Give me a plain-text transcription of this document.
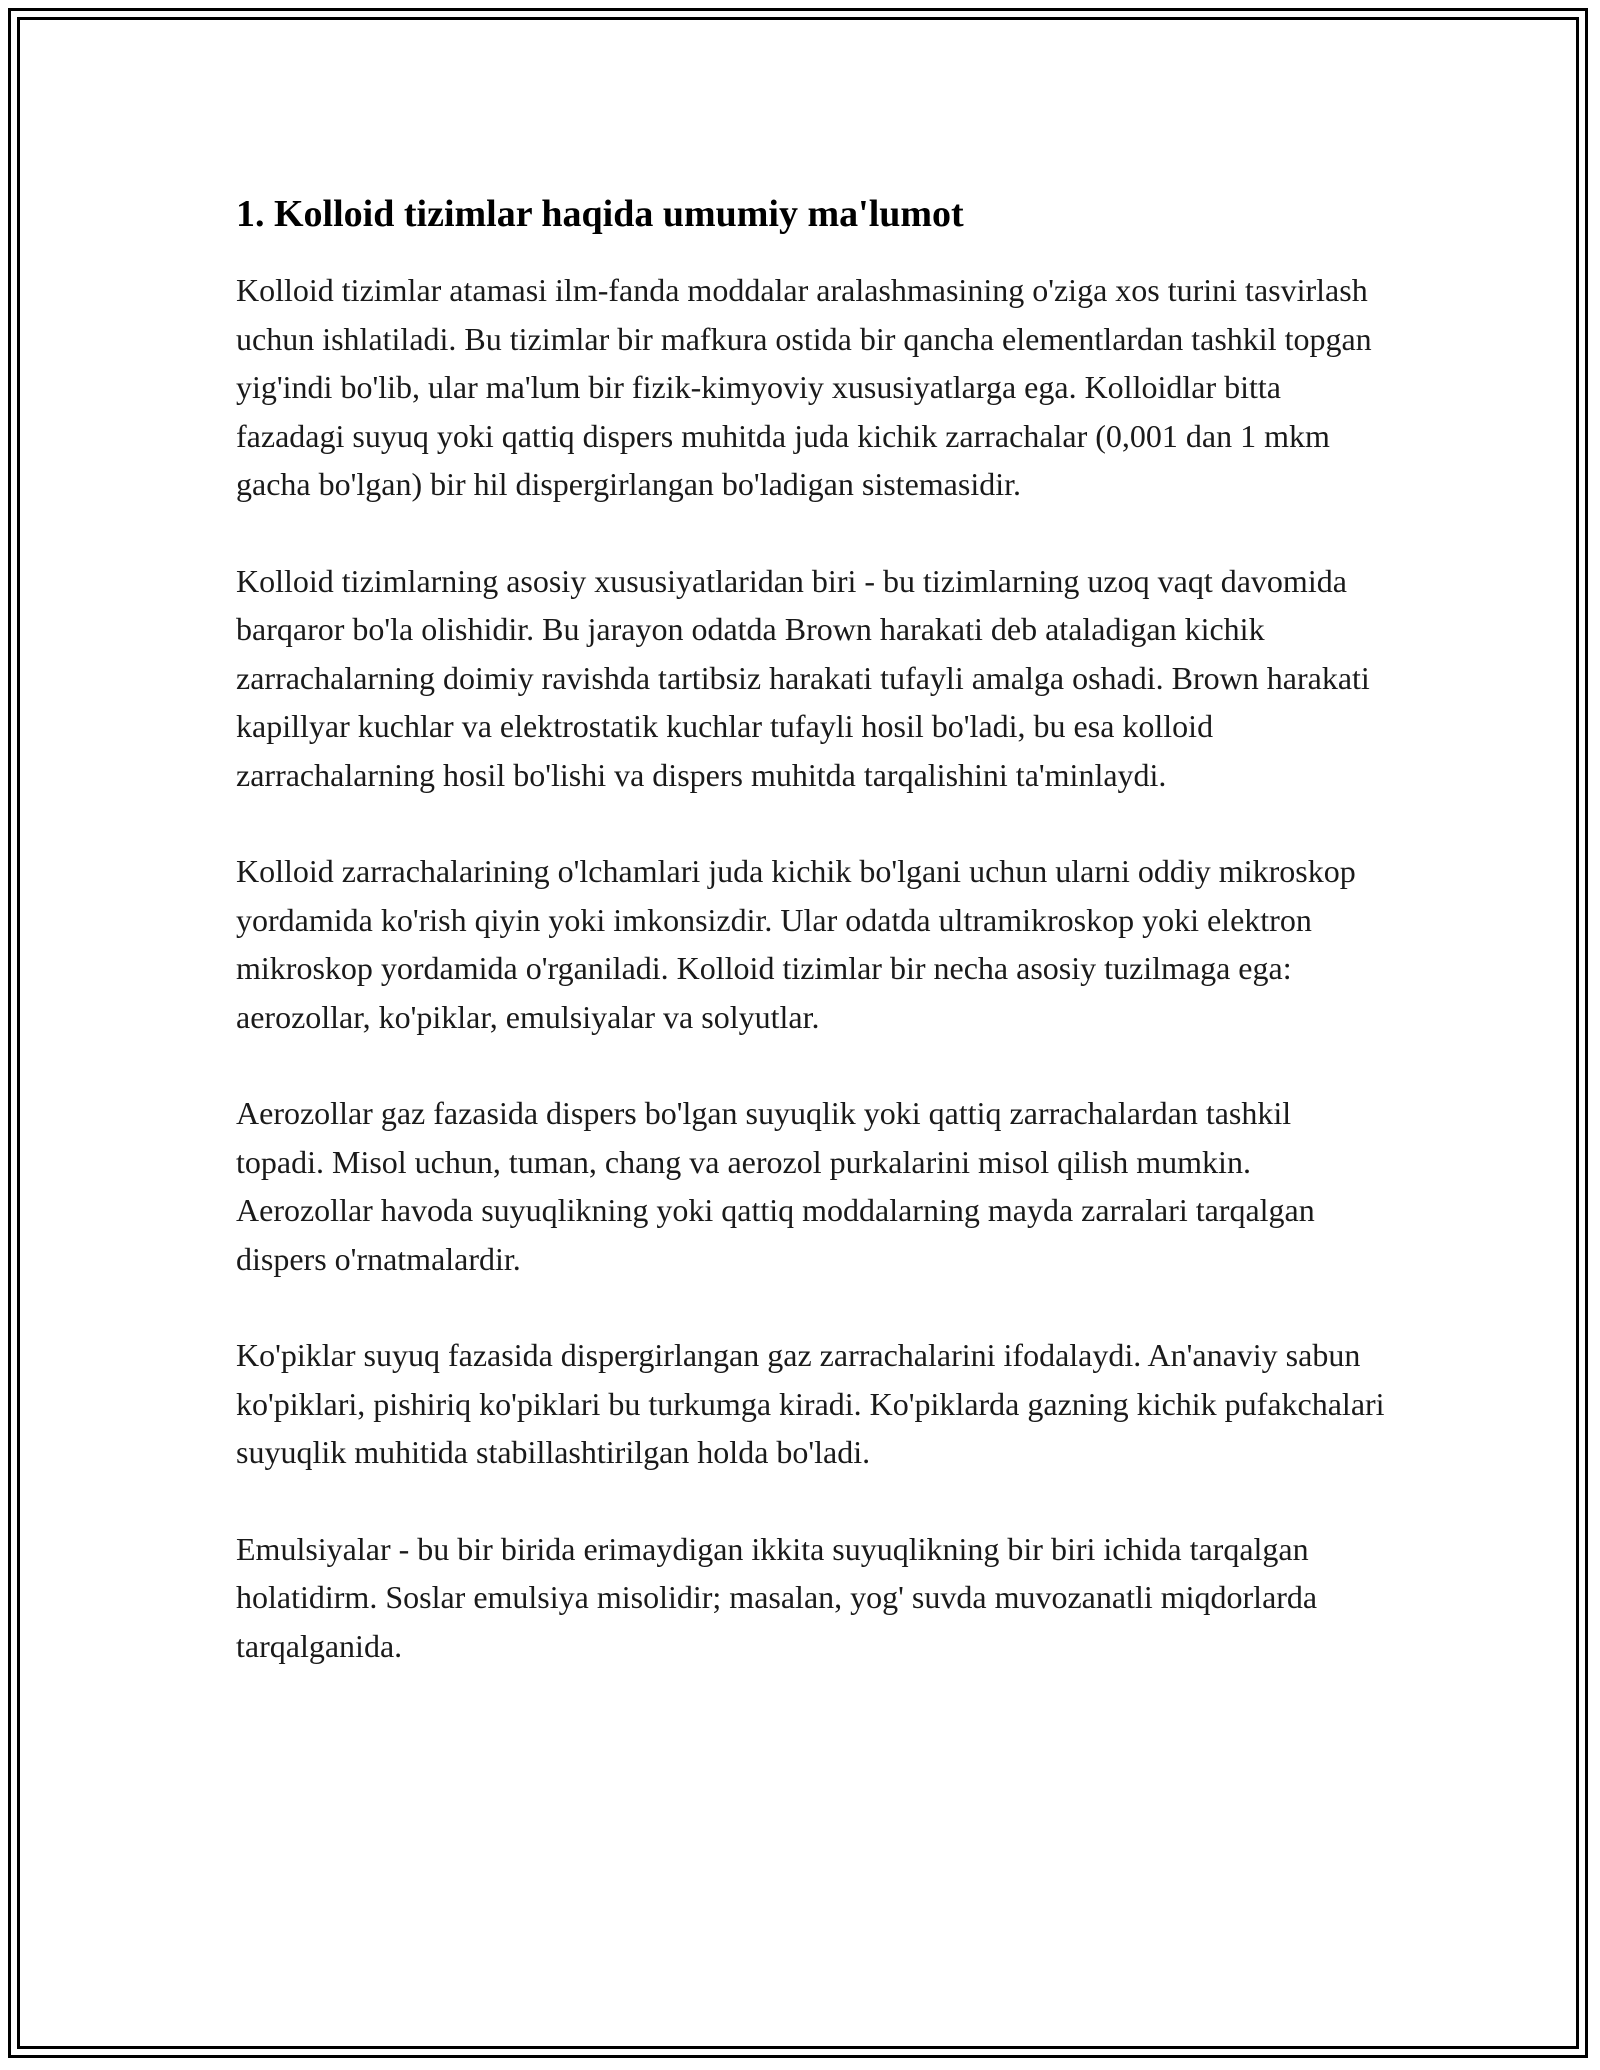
1. Kolloid tizimlar haqida umumiy ma'lumot

Kolloid tizimlar atamasi ilm-fanda moddalar aralashmasining o'ziga xos turini tasvirlash uchun ishlatiladi. Bu tizimlar bir mafkura ostida bir qancha elementlardan tashkil topgan yig'indi bo'lib, ular ma'lum bir fizik-kimyoviy xususiyatlarga ega. Kolloidlar bitta fazadagi suyuq yoki qattiq dispers muhitda juda kichik zarrachalar (0,001 dan 1 mkm gacha bo'lgan) bir hil dispergirlangan bo'ladigan sistemasidir.

Kolloid tizimlarning asosiy xususiyatlaridan biri - bu tizimlarning uzoq vaqt davomida barqaror bo'la olishidir. Bu jarayon odatda Brown harakati deb ataladigan kichik zarrachalarning doimiy ravishda tartibsiz harakati tufayli amalga oshadi. Brown harakati kapillyar kuchlar va elektrostatik kuchlar tufayli hosil bo'ladi, bu esa kolloid zarrachalarning hosil bo'lishi va dispers muhitda tarqalishini ta'minlaydi.

Kolloid zarrachalarining o'lchamlari juda kichik bo'lgani uchun ularni oddiy mikroskop yordamida ko'rish qiyin yoki imkonsizdir. Ular odatda ultramikroskop yoki elektron mikroskop yordamida o'rganiladi. Kolloid tizimlar bir necha asosiy tuzilmaga ega: aerozollar, ko'piklar, emulsiyalar va solyutlar.

Aerozollar gaz fazasida dispers bo'lgan suyuqlik yoki qattiq zarrachalardan tashkil topadi. Misol uchun, tuman, chang va aerozol purkalarini misol qilish mumkin. Aerozollar havoda suyuqlikning yoki qattiq moddalarning mayda zarralari tarqalgan dispers o'rnatmalardir.

Ko'piklar suyuq fazasida dispergirlangan gaz zarrachalarini ifodalaydi. An'anaviy sabun ko'piklari, pishiriq ko'piklari bu turkumga kiradi. Ko'piklarda gazning kichik pufakchalari suyuqlik muhitida stabillashtirilgan holda bo'ladi.

Emulsiyalar - bu bir birida erimaydigan ikkita suyuqlikning bir biri ichida tarqalgan holatidirm. Soslar emulsiya misolidir; masalan, yog' suvda muvozanatli miqdorlarda tarqalganida.
